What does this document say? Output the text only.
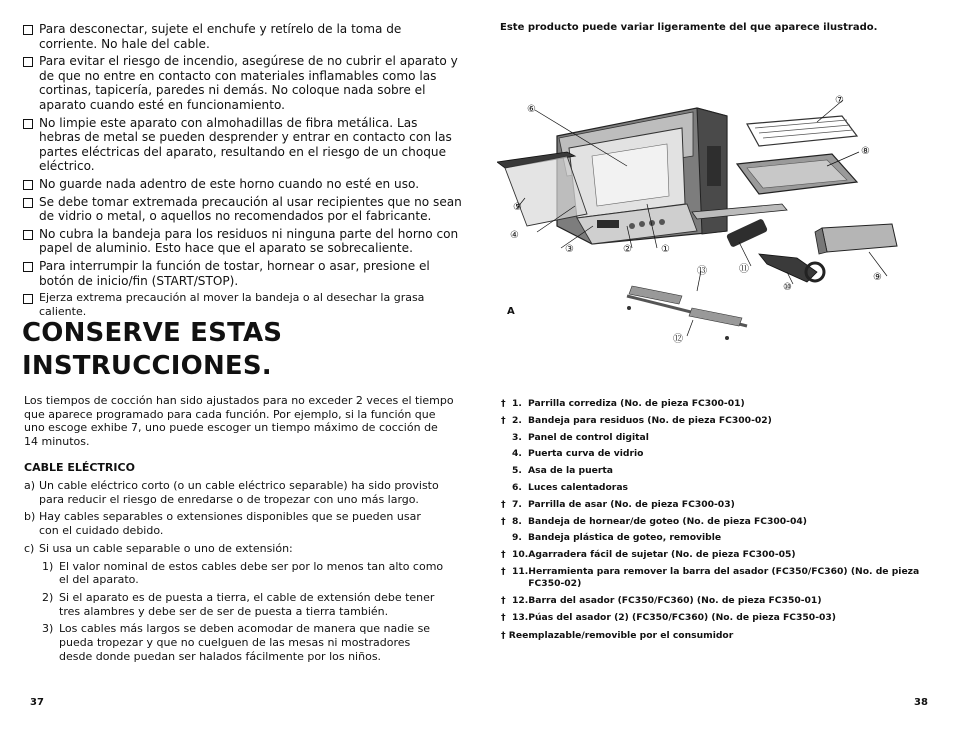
Para desconectar, sujete el enchufe y retírelo de la toma de corriente. No hale del cable.
Para evitar el riesgo de incendio, asegúrese de no cubrir el aparato y de que no entre en contacto con materiales inflamables como las cortinas, tapicería, paredes ni demás. No coloque nada sobre el aparato cuando esté en funcionamiento.
No limpie este aparato con almohadillas de fibra metálica. Las hebras de metal se pueden desprender y entrar en contacto con las partes eléctricas del aparato, resultando en el riesgo de un choque eléctrico.
No guarde nada adentro de este horno cuando no esté en uso.
Se debe tomar extremada precaución al usar recipientes que no sean de vidrio o metal, o aquellos no recomendados por el fabricante.
No cubra la bandeja para los residuos ni ninguna parte del horno con papel de aluminio. Esto hace que el aparato se sobrecaliente.
Para interrumpir la función de tostar, hornear o asar, presione el botón de inicio/fin (START/STOP).
Ejerza extrema precaución al mover la bandeja o al desechar la grasa caliente.
CONSERVE ESTAS
INSTRUCCIONES.
Los tiempos de cocción han sido ajustados para no exceder 2 veces el tiempo que aparece programado para cada función. Por ejemplo, si la función que uno escoge exhibe 7, uno puede escoger un tiempo máximo de cocción de 14 minutos.
CABLE ELÉCTRICO
a) Un cable eléctrico corto (o un cable eléctrico separable) ha sido provisto para reducir el riesgo de enredarse o de tropezar con uno más largo.
b) Hay cables separables o extensiones disponibles que se pueden usar con el cuidado debido.
c) Si usa un cable separable o uno de extensión:
1) El valor nominal de estos cables debe ser por lo menos tan alto como el del aparato.
2) Si el aparato es de puesta a tierra, el cable de extensión debe tener tres alambres y debe ser de ser de puesta a tierra también.
3) Los cables más largos se deben acomodar de manera que nadie se pueda tropezar y que no cuelguen de las mesas ni mostradores desde donde puedan ser halados fácilmente por los niños.
37
Este producto puede variar ligeramente del que aparece ilustrado.
①
②
③
④
⑤
⑥
⑦
⑧
⑨
⑩
⑪
⑫
⑬
A
† 1. Parrilla corrediza (No. de pieza FC300-01)
† 2. Bandeja para residuos (No. de pieza FC300-02)
3. Panel de control digital
4. Puerta curva de vidrio
5. Asa de la puerta
6. Luces calentadoras
† 7. Parrilla de asar (No. de pieza FC300-03)
† 8. Bandeja de hornear/de goteo (No. de pieza FC300-04)
9. Bandeja plástica de goteo, removible
† 10. Agarradera fácil de sujetar (No. de pieza FC300-05)
† 11. Herramienta para remover la barra del asador (FC350/FC360) (No. de pieza FC350-02)
† 12. Barra del asador (FC350/FC360) (No. de pieza FC350-01)
† 13. Púas del asador (2) (FC350/FC360) (No. de pieza FC350-03)
† Reemplazable/removible por el consumidor
38
